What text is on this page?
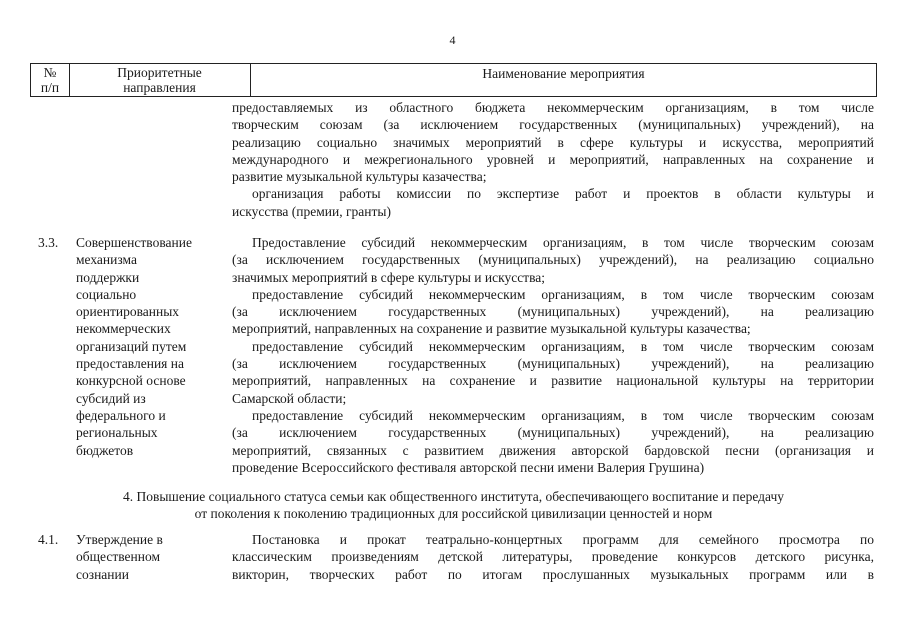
4
№
п/п
Приоритетные
направления
Наименование мероприятия
предоставляемых из областного бюджета некоммерческим организациям, в том числе
творческим союзам (за исключением государственных (муниципальных) учреждений), на
реализацию социально значимых мероприятий в сфере культуры и искусства, мероприятий
международного и межрегионального уровней и мероприятий, направленных на сохранение и
развитие музыкальной культуры казачества;
организация работы комиссии по экспертизе работ и проектов в области культуры и
искусства (премии, гранты)
3.3. Совершенствование
механизма
поддержки
социально
ориентированных
некоммерческих
организаций путем
предоставления на
конкурсной основе
субсидий из
федерального и
региональных
бюджетов
Предоставление субсидий некоммерческим организациям, в том числе творческим союзам
(за исключением государственных (муниципальных) учреждений), на реализацию социально
значимых мероприятий в сфере культуры и искусства;
предоставление субсидий некоммерческим организациям, в том числе творческим союзам
(за исключением государственных (муниципальных) учреждений), на реализацию
мероприятий, направленных на сохранение и развитие музыкальной культуры казачества;
предоставление субсидий некоммерческим организациям, в том числе творческим союзам
(за исключением государственных (муниципальных) учреждений), на реализацию
мероприятий, направленных на сохранение и развитие национальной культуры на территории
Самарской области;
предоставление субсидий некоммерческим организациям, в том числе творческим союзам
(за исключением государственных (муниципальных) учреждений), на реализацию
мероприятий, связанных с развитием движения авторской бардовской песни (организация и
проведение Всероссийского фестиваля авторской песни имени Валерия Грушина)
4. Повышение социального статуса семьи как общественного института, обеспечивающего воспитание и передачу
от поколения к поколению традиционных для российской цивилизации ценностей и норм
4.1. Утверждение в
общественном
сознании
Постановка и прокат театрально-концертных программ для семейного просмотра по
классическим произведениям детской литературы, проведение конкурсов детского рисунка,
викторин, творческих работ по итогам прослушанных музыкальных программ или в
